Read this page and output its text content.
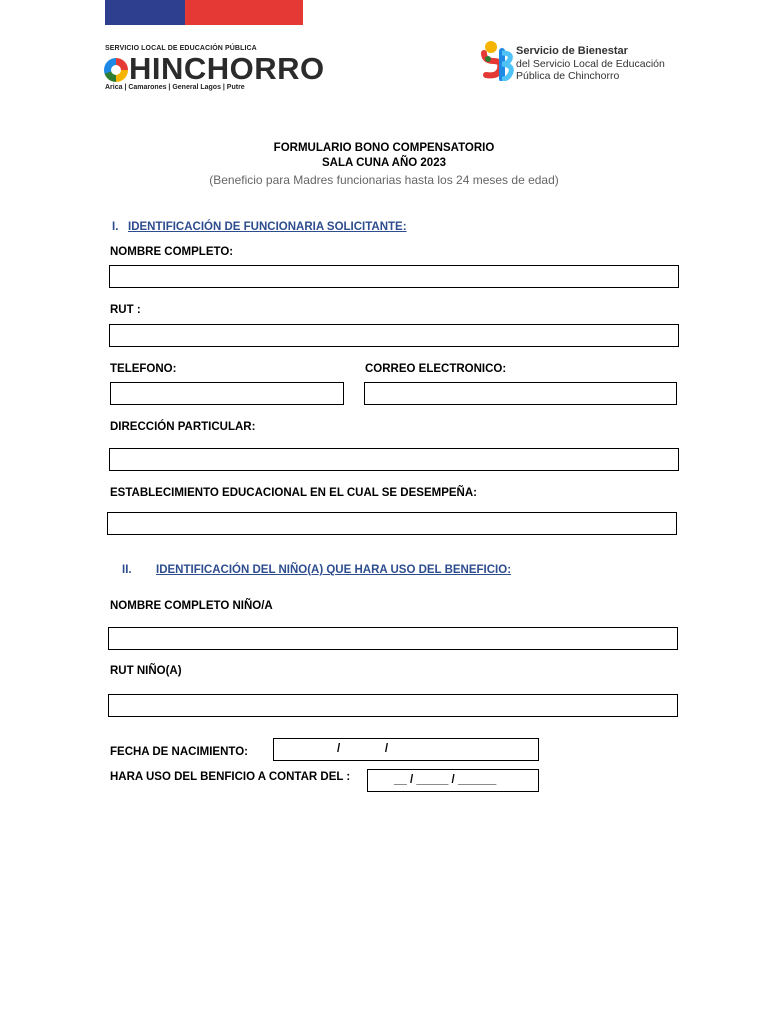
SERVICIO LOCAL DE EDUCACIÓN PÚBLICA
HINCHORRO
Arica | Camarones | General Lagos | Putre
Servicio de Bienestar
del Servicio Local de Educación
Pública de Chinchorro
FORMULARIO BONO COMPENSATORIO
SALA CUNA AÑO 2023
(Beneficio para Madres funcionarias hasta los 24 meses de edad)
I. IDENTIFICACIÓN DE FUNCIONARIA SOLICITANTE:
NOMBRE COMPLETO:
RUT :
TELEFONO:	CORREO ELECTRONICO:
DIRECCIÓN PARTICULAR:
ESTABLECIMIENTO EDUCACIONAL EN EL CUAL SE DESEMPEÑA:
II. IDENTIFICACIÓN DEL NIÑO(A) QUE HARA USO DEL BENEFICIO:
NOMBRE COMPLETO NIÑO/A
RUT NIÑO(A)
FECHA DE NACIMIENTO:	/              /
HARA USO DEL BENFICIO A CONTAR DEL :	__ / _____ / ______
